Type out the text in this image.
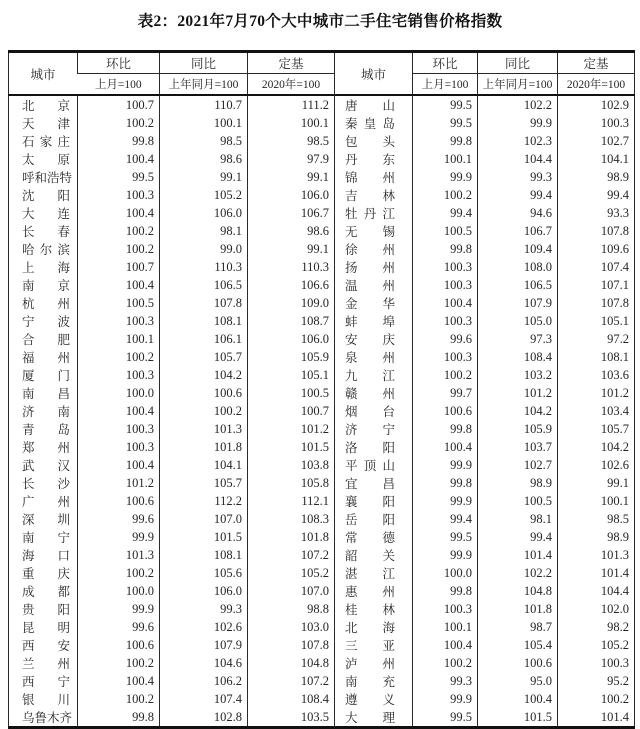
表2：2021年7月70个大中城市二手住宅销售价格指数
城市	环比	同比	定基	城市	环比	同比	定基
	上月=100	上年同月=100	2020年=100		上月=100	上年同月=100	2020年=100

北 京	100.7	110.7	111.2	唐 山	99.5	102.2	102.9

天 津	100.2	100.1	100.1	秦 皇 岛	99.5	99.9	100.3

石 家 庄	99.8	98.5	98.5	包 头	99.8	102.3	102.7

太 原	100.4	98.6	97.9	丹 东	100.1	104.4	104.1

呼 和 浩 特	99.5	99.1	99.1	锦 州	99.9	99.3	98.9

沈 阳	100.3	105.2	106.0	吉 林	100.2	99.4	99.4

大 连	100.4	106.0	106.7	牡 丹 江	99.4	94.6	93.3

长 春	100.2	98.1	98.6	无 锡	100.5	106.7	107.8

哈 尔 滨	100.2	99.0	99.1	徐 州	99.8	109.4	109.6

上 海	100.7	110.3	110.3	扬 州	100.3	108.0	107.4

南 京	100.4	106.5	106.6	温 州	100.3	106.5	107.1

杭 州	100.5	107.8	109.0	金 华	100.4	107.9	107.8

宁 波	100.3	108.1	108.7	蚌 埠	100.3	105.0	105.1

合 肥	100.1	106.1	106.0	安 庆	99.6	97.3	97.2

福 州	100.2	105.7	105.9	泉 州	100.3	108.4	108.1

厦 门	100.3	104.2	105.1	九 江	100.2	103.2	103.6

南 昌	100.0	100.6	100.5	赣 州	99.7	101.2	101.2

济 南	100.4	100.2	100.7	烟 台	100.6	104.2	103.4

青 岛	100.3	101.3	101.2	济 宁	99.8	105.9	105.7

郑 州	100.3	101.8	101.5	洛 阳	100.4	103.7	104.2

武 汉	100.4	104.1	103.8	平 顶 山	99.9	102.7	102.6

长 沙	101.2	105.7	105.8	宜 昌	99.8	98.9	99.1

广 州	100.6	112.2	112.1	襄 阳	99.9	100.5	100.1

深 圳	99.6	107.0	108.3	岳 阳	99.4	98.1	98.5

南 宁	99.9	101.5	101.8	常 德	99.5	99.4	98.9

海 口	101.3	108.1	107.2	韶 关	99.9	101.4	101.3

重 庆	100.2	105.6	105.2	湛 江	100.0	102.2	101.4

成 都	100.0	106.0	107.0	惠 州	99.8	104.8	104.4

贵 阳	99.9	99.3	98.8	桂 林	100.3	101.8	102.0

昆 明	99.6	102.6	103.0	北 海	100.1	98.7	98.2

西 安	100.6	107.9	107.8	三 亚	100.4	105.4	105.2

兰 州	100.2	104.6	104.8	泸 州	100.2	100.6	100.3

西 宁	100.4	106.2	107.2	南 充	99.3	95.0	95.2

银 川	100.2	107.4	108.4	遵 义	99.9	100.4	100.2

乌 鲁 木 齐	99.8	102.8	103.5	大 理	99.5	101.5	101.4
